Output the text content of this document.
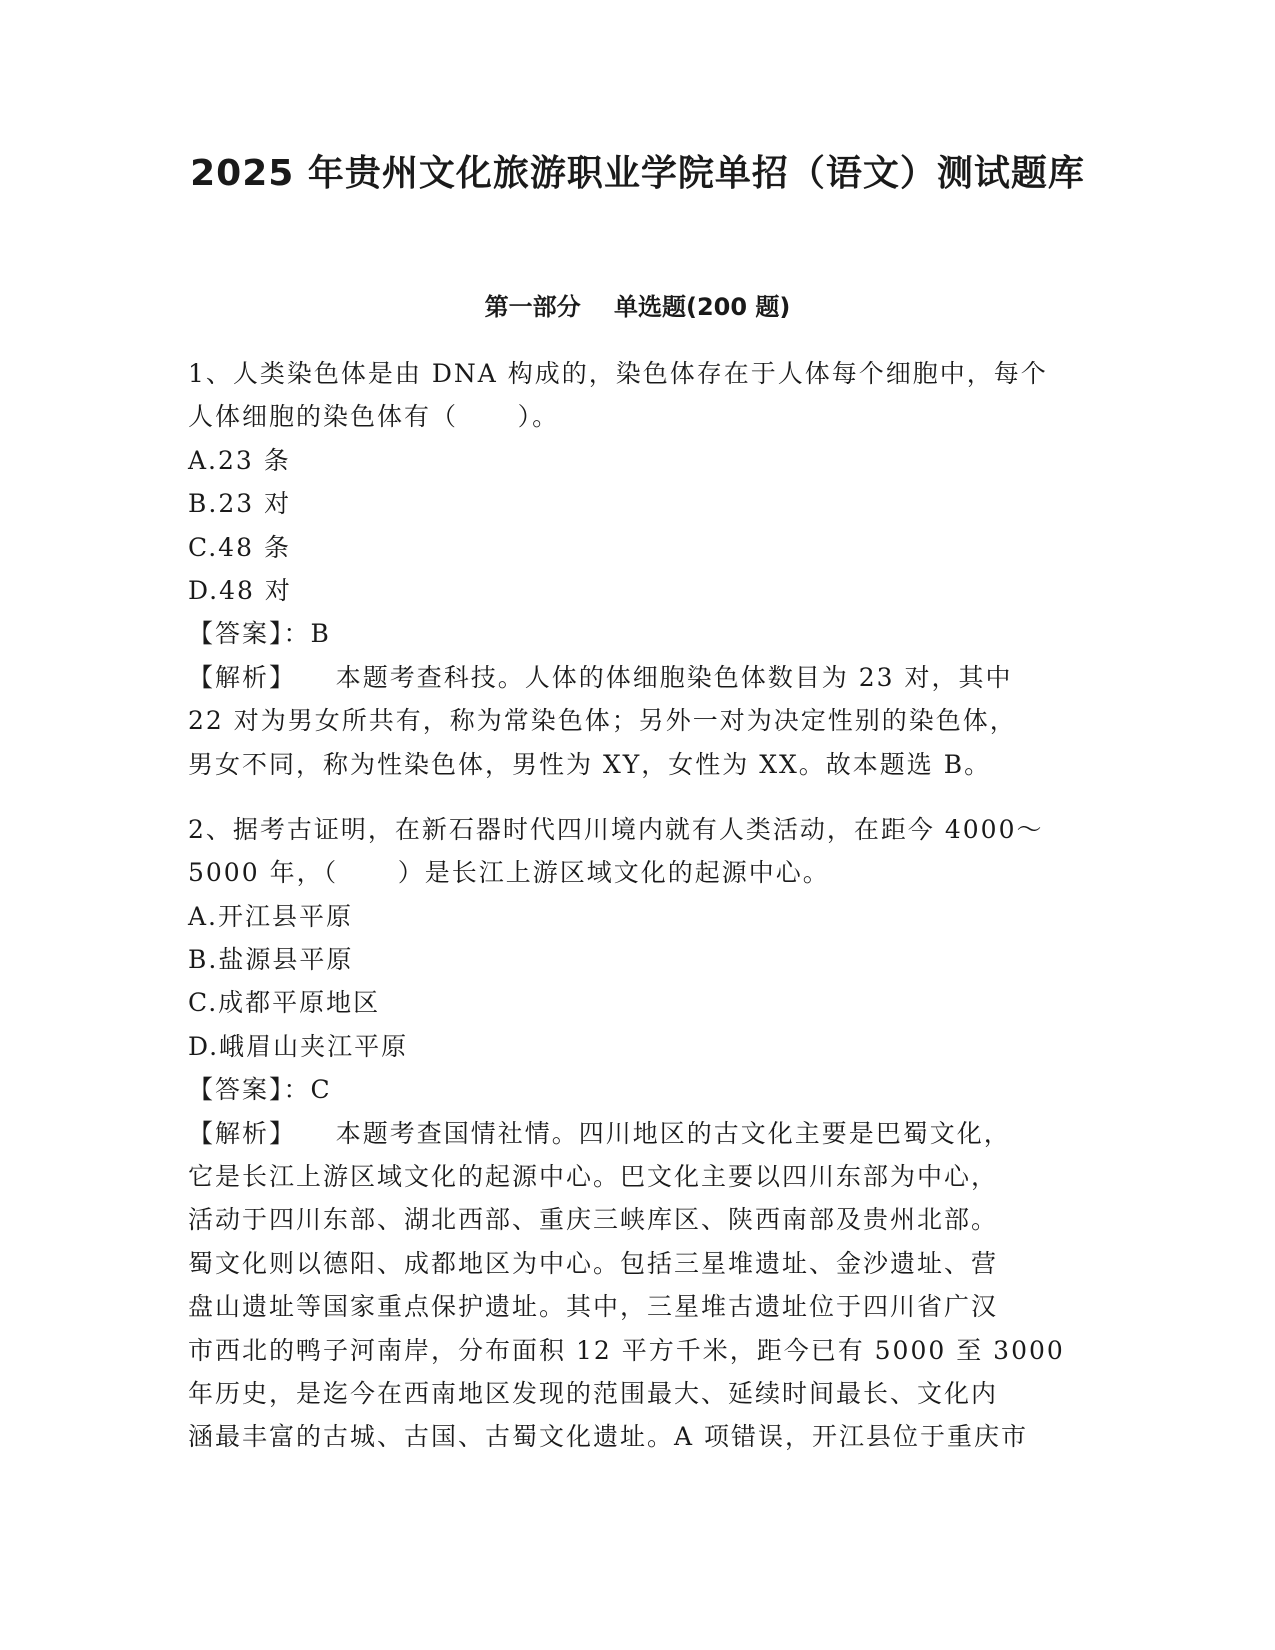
2025 年贵州文化旅游职业学院单招（语文）测试题库
第一部分    单选题(200 题)
1、人类染色体是由 DNA 构成的，染色体存在于人体每个细胞中，每个
人体细胞的染色体有（      ）。
A.23 条
B.23 对
C.48 条
D.48 对
【答案】：B
【解析】    本题考查科技。人体的体细胞染色体数目为 23 对，其中
22 对为男女所共有，称为常染色体；另外一对为决定性别的染色体，
男女不同，称为性染色体，男性为 XY，女性为 XX。故本题选 B。
2、据考古证明，在新石器时代四川境内就有人类活动，在距今 4000～
5000 年，（      ）是长江上游区域文化的起源中心。
A.开江县平原
B.盐源县平原
C.成都平原地区
D.峨眉山夹江平原
【答案】：C
【解析】    本题考查国情社情。四川地区的古文化主要是巴蜀文化，
它是长江上游区域文化的起源中心。巴文化主要以四川东部为中心，
活动于四川东部、湖北西部、重庆三峡库区、陕西南部及贵州北部。
蜀文化则以德阳、成都地区为中心。包括三星堆遗址、金沙遗址、营
盘山遗址等国家重点保护遗址。其中，三星堆古遗址位于四川省广汉
市西北的鸭子河南岸，分布面积 12 平方千米，距今已有 5000 至 3000
年历史，是迄今在西南地区发现的范围最大、延续时间最长、文化内
涵最丰富的古城、古国、古蜀文化遗址。A 项错误，开江县位于重庆市
